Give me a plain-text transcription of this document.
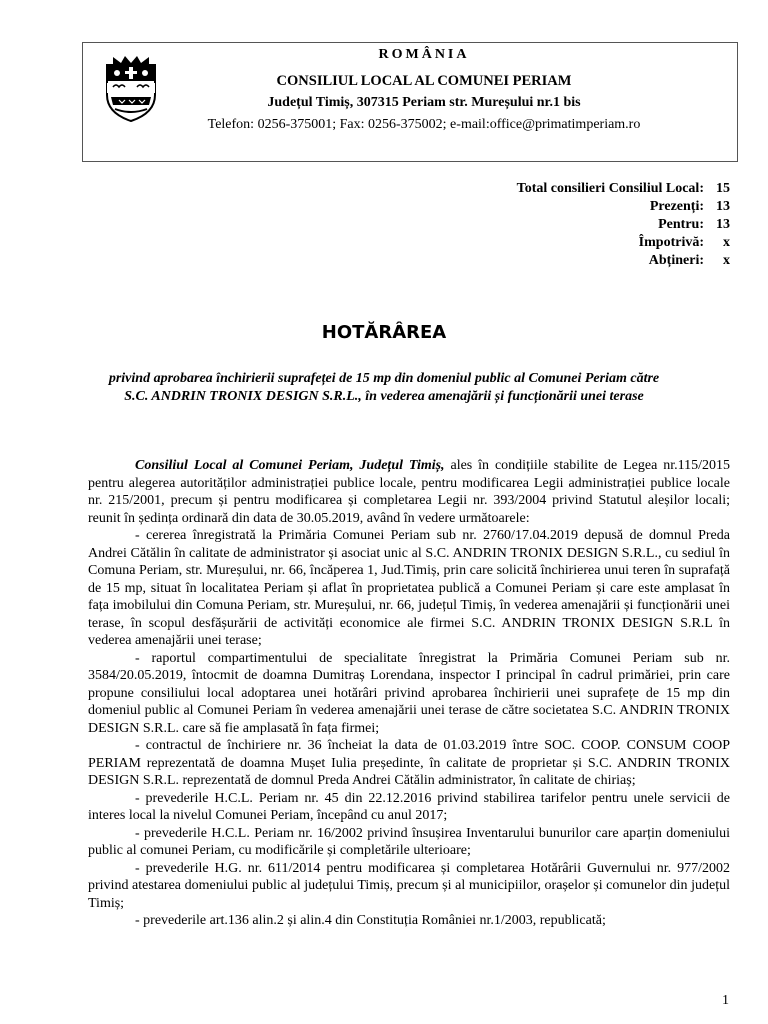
ROMÂNIA
CONSILIUL LOCAL AL COMUNEI PERIAM
Județul Timiș, 307315 Periam str. Mureșului nr.1 bis
Telefon: 0256-375001; Fax: 0256-375002; e-mail:office@primatimperiam.ro
Total consilieri Consiliul Local: 15
Prezenți: 13
Pentru: 13
Împotrivă:	x
Abțineri:	x
HOTĂRÂREA
privind aprobarea închirierii suprafeței de 15 mp din domeniul public al Comunei Periam către S.C. ANDRIN TRONIX DESIGN S.R.L., în vederea amenajării și funcționării unei terase

Consiliul Local al Comunei Periam, Județul Timiș, ales în condițiile stabilite de Legea nr.115/2015 pentru alegerea autorităților administrației publice locale, pentru modificarea Legii administrației publice locale nr. 215/2001, precum și pentru modificarea și completarea Legii nr. 393/2004 privind Statutul aleșilor locali; reunit în ședința ordinară din data de 30.05.2019, având în vedere următoarele:

- cererea înregistrată la Primăria Comunei Periam sub nr. 2760/17.04.2019 depusă de domnul Preda Andrei Cătălin în calitate de administrator și asociat unic al S.C. ANDRIN TRONIX DESIGN S.R.L., cu sediul în Comuna Periam, str. Mureșului, nr. 66, încăperea 1, Jud.Timiș, prin care solicită închirierea unui teren în suprafață de 15 mp, situat în localitatea Periam și aflat în proprietatea publică a Comunei Periam și care este amplasat în fața imobilului din Comuna Periam, str. Mureșului, nr. 66, județul Timiș, în vederea amenajării și funcționării unei terase, în scopul desfășurării de activități economice ale firmei S.C. ANDRIN TRONIX DESIGN S.R.L în vederea amenajării unei terase;

- raportul compartimentului de specialitate înregistrat la Primăria Comunei Periam sub nr. 3584/20.05.2019, întocmit de doamna Dumitraș Lorendana, inspector I principal în cadrul primăriei, prin care propune consiliului local adoptarea unei hotărâri privind aprobarea închirierii unei suprafețe de 15 mp din domeniul public al Comunei Periam în vederea amenajării unei terase de către societatea S.C. ANDRIN TRONIX DESIGN S.R.L. care să fie amplasată în fața firmei;

- contractul de închiriere nr. 36 încheiat la data de 01.03.2019 între SOC. COOP. CONSUM COOP PERIAM reprezentată de doamna Mușet Iulia președinte, în calitate de proprietar și S.C. ANDRIN TRONIX DESIGN S.R.L. reprezentată de domnul Preda Andrei Cătălin administrator, în calitate de chiriaș;

- prevederile H.C.L. Periam nr. 45 din 22.12.2016 privind stabilirea tarifelor pentru unele servicii de interes local la nivelul Comunei Periam, începând cu anul 2017;

- prevederile H.C.L. Periam nr. 16/2002 privind însușirea Inventarului bunurilor care aparțin domeniului public al comunei Periam, cu modificările și completările ulterioare;

- prevederile H.G. nr. 611/2014 pentru modificarea și completarea Hotărârii Guvernului nr. 977/2002 privind atestarea domeniului public al județului Timiș, precum și al municipiilor, orașelor și comunelor din județul Timiș;

- prevederile art.136 alin.2 și alin.4 din Constituția României nr.1/2003, republicată;

1
